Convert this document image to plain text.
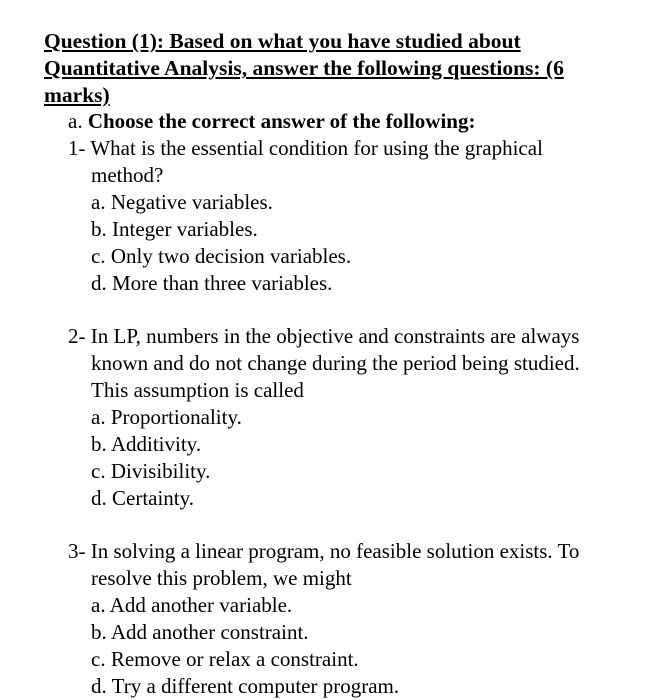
Question (1): Based on what you have studied about
Quantitative Analysis, answer the following questions: (6
marks)

a. Choose the correct answer of the following:

1- What is the essential condition for using the graphical
method?
a. Negative variables.
b. Integer variables.
c. Only two decision variables.
d. More than three variables.
2- In LP, numbers in the objective and constraints are always
known and do not change during the period being studied.
This assumption is called
a. Proportionality.
b. Additivity.
c. Divisibility.
d. Certainty.
3- In solving a linear program, no feasible solution exists. To
resolve this problem, we might
a. Add another variable.
b. Add another constraint.
c. Remove or relax a constraint.
d. Try a different computer program.
